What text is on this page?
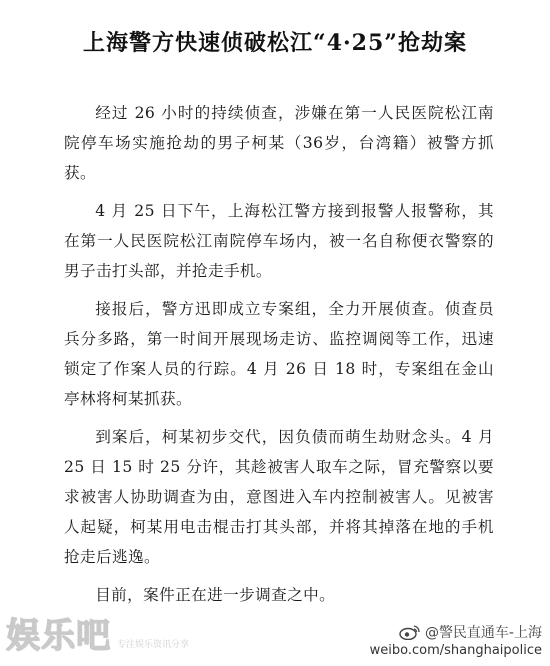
上海警方快速侦破松江“4·25”抢劫案

经过 26 小时的持续侦查，涉嫌在第一人民医院松江南院停车场实施抢劫的男子柯某（36岁，台湾籍）被警方抓获。

4 月 25 日下午，上海松江警方接到报警人报警称，其在第一人民医院松江南院停车场内，被一名自称便衣警察的男子击打头部，并抢走手机。

接报后，警方迅即成立专案组，全力开展侦查。侦查员兵分多路，第一时间开展现场走访、监控调阅等工作，迅速锁定了作案人员的行踪。4 月 26 日 18 时，专案组在金山亭林将柯某抓获。

到案后，柯某初步交代，因负债而萌生劫财念头。4 月 25 日 15 时 25 分许，其趁被害人取车之际，冒充警察以要求被害人协助调查为由，意图进入车内控制被害人。见被害人起疑，柯某用电击棍击打其头部，并将其掉落在地的手机抢走后逃逸。

目前，案件正在进一步调查之中。

娱乐吧 专注娱乐资讯分享
@警民直通车-上海
weibo.com/shanghaipolice
